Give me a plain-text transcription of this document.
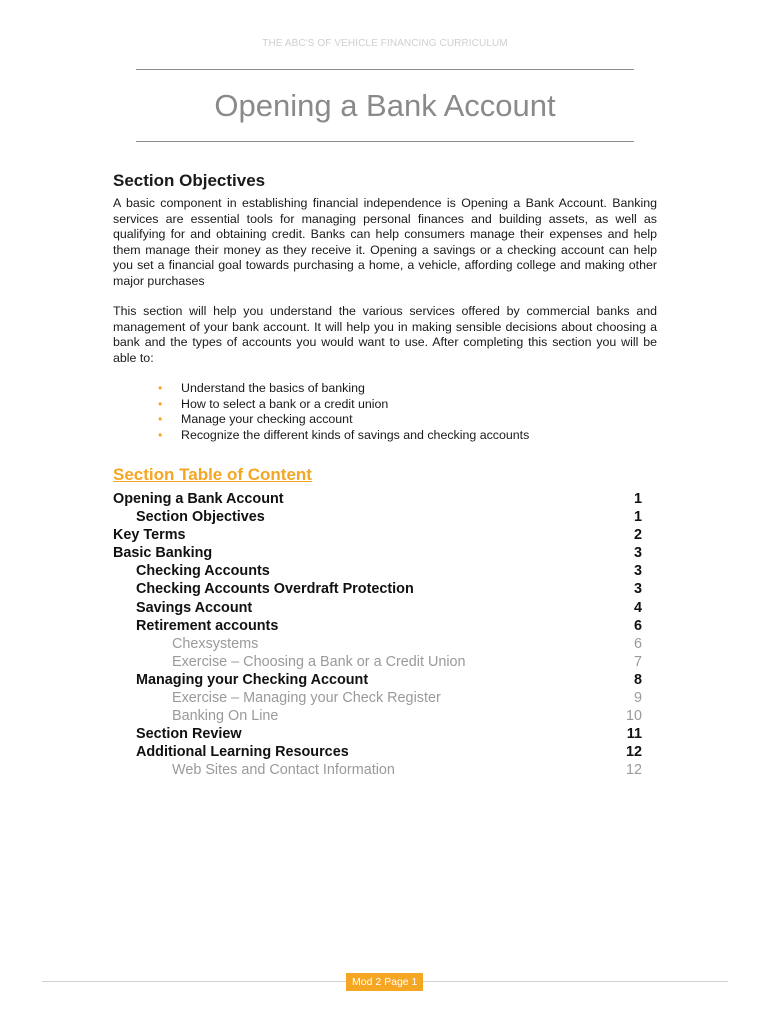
THE ABC'S OF VEHICLE FINANCING CURRICULUM
Opening a Bank Account
Section Objectives

A basic component in establishing financial independence is Opening a Bank Account. Banking services are essential tools for managing personal finances and building assets, as well as qualifying for and obtaining credit. Banks can help consumers manage their expenses and help them manage their money as they receive it. Opening a savings or a checking account can help you set a financial goal towards purchasing a home, a vehicle, affording college and making other major purchases

This section will help you understand the various services offered by commercial banks and management of your bank account. It will help you in making sensible decisions about choosing a bank and the types of accounts you would want to use. After completing this section you will be able to:

• Understand the basics of banking
• How to select a bank or a credit union
• Manage your checking account
• Recognize the different kinds of savings and checking accounts
Section Table of Content
Opening a Bank Account	1
Section Objectives	1
Key Terms	2
Basic Banking	3
Checking Accounts	3
Checking Accounts Overdraft Protection	3
Savings Account	4
Retirement accounts	6
Chexsystems	6
Exercise – Choosing a Bank or a Credit Union	7
Managing your Checking Account	8
Exercise – Managing your Check Register	9
Banking On Line	10
Section Review	11
Additional Learning Resources	12
Web Sites and Contact Information	12
Mod 2 Page 1
